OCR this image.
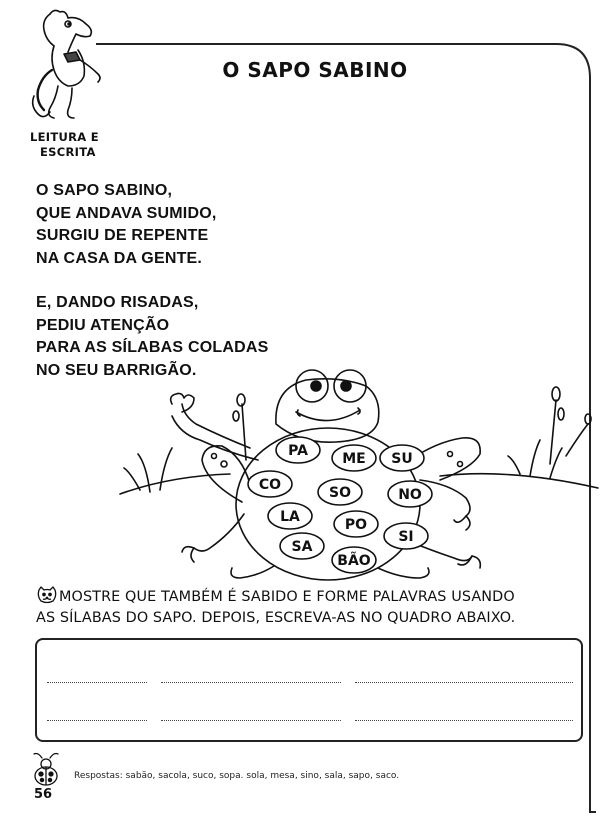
LEITURA E
ESCRITA
O SAPO SABINO
O SAPO SABINO,
QUE ANDAVA SUMIDO,
SURGIU DE REPENTE
NA CASA DA GENTE.
E, DANDO RISADAS,
PEDIU ATENÇÃO
PARA AS SÍLABAS COLADAS
NO SEU BARRIGÃO.
PA ME SU
CO	SO	NO
LA	PO
SI
SA
BÃO
MOSTRE QUE TAMBÉM É SABIDO E FORME PALAVRAS USANDO
AS SÍLABAS DO SAPO. DEPOIS, ESCREVA-AS NO QUADRO ABAIXO.
56
Respostas: sabão, sacola, suco, sopa. sola, mesa, sino, sala, sapo, saco.
